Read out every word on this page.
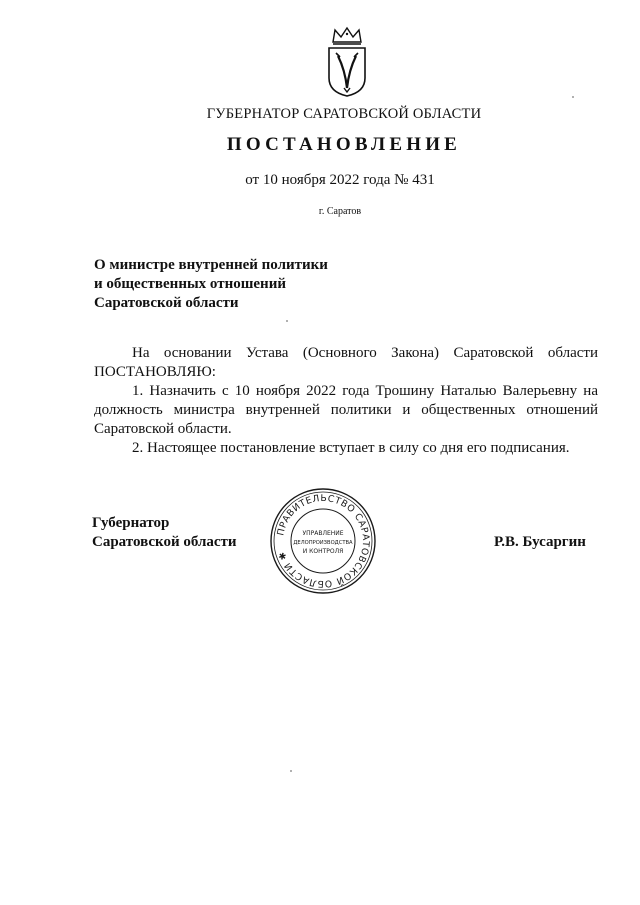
ГУБЕРНАТОР САРАТОВСКОЙ ОБЛАСТИ
ПОСТАНОВЛЕНИЕ
от 10 ноября 2022 года № 431
г. Саратов
О министре внутренней политики
и общественных отношений
Саратовской области

На основании Устава (Основного Закона) Саратовской области ПОСТАНОВЛЯЮ:

1. Назначить с 10 ноября 2022 года Трошину Наталью Валерьевну на должность министра внутренней политики и общественных отношений Саратовской области.

2. Настоящее постановление вступает в силу со дня его подписания.

Губернатор
Саратовской области
ПРАВИТЕЛЬСТВО САРАТОВСКОЙ ОБЛАСТИ ✱
УПРАВЛЕНИЕ
ДЕЛОПРОИЗВОДСТВА
И КОНТРОЛЯ
Р.В. Бусаргин
